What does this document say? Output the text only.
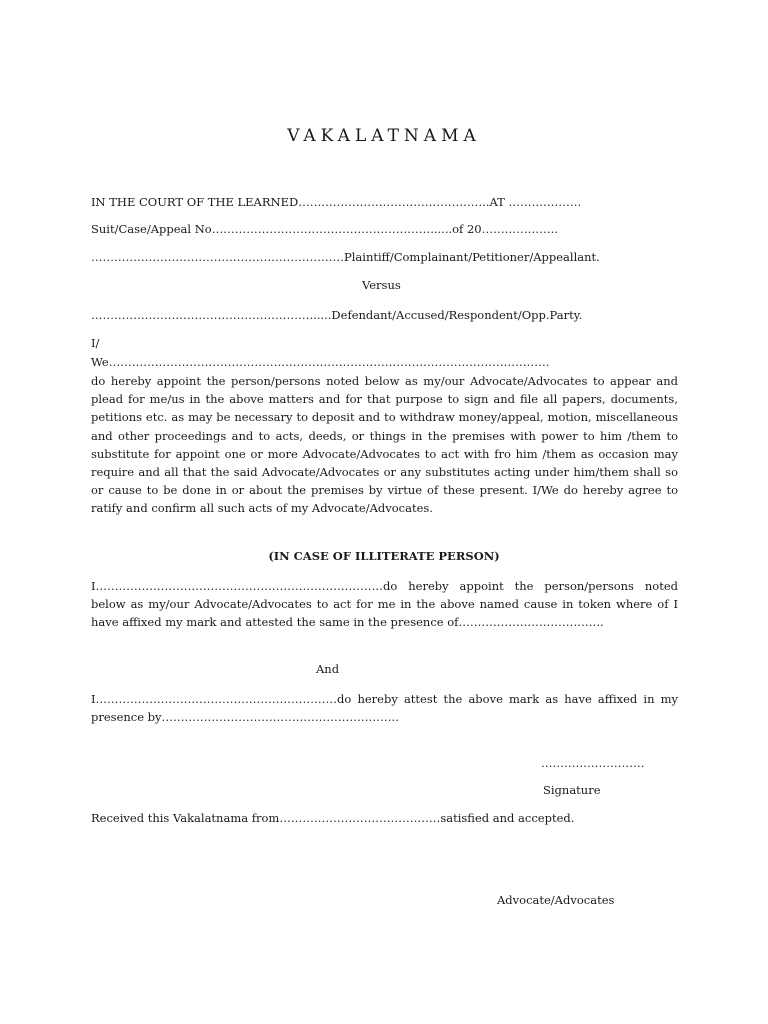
VAKALATNAMA
IN THE COURT OF THE LEARNED…………………………………………..AT ……………….
Suit/Case/Appeal No…………………………………………………......of 20………………..
…………………………………………………………Plaintiff/Complainant/Petitioner/Appeallant.
Versus
…………………………………………………......Defendant/Accused/Respondent/Opp.Party.
I/
We…………………………………………………………………………………………………….
do hereby appoint the person/persons noted below as my/our Advocate/Advocates to appear and plead for me/us in the above matters and for that purpose to sign and file all papers, documents, petitions etc. as may be necessary to deposit and to withdraw money/appeal, motion, miscellaneous and other proceedings and to acts, deeds, or things in the premises with power to him /them to substitute for appoint one or more Advocate/Advocates to act with fro him /them as occasion may require and all that the said Advocate/Advocates or any substitutes acting under him/them shall so or cause to be done in or about the premises by virtue of these present. I/We do hereby agree to ratify and confirm all such acts of my Advocate/Advocates.
(IN CASE OF ILLITERATE PERSON)
I…………………………………………………………………do hereby appoint the person/persons noted below as my/our Advocate/Advocates to act for me in the above named cause in token where of I have affixed my mark and attested the same in the presence of………………………………..
And
I………………………………………………………do hereby attest the above mark as have affixed in my presence by……………………………………………………..
………………………
Signature
Received this Vakalatnama from……………………………………satisfied and accepted.
Advocate/Advocates
